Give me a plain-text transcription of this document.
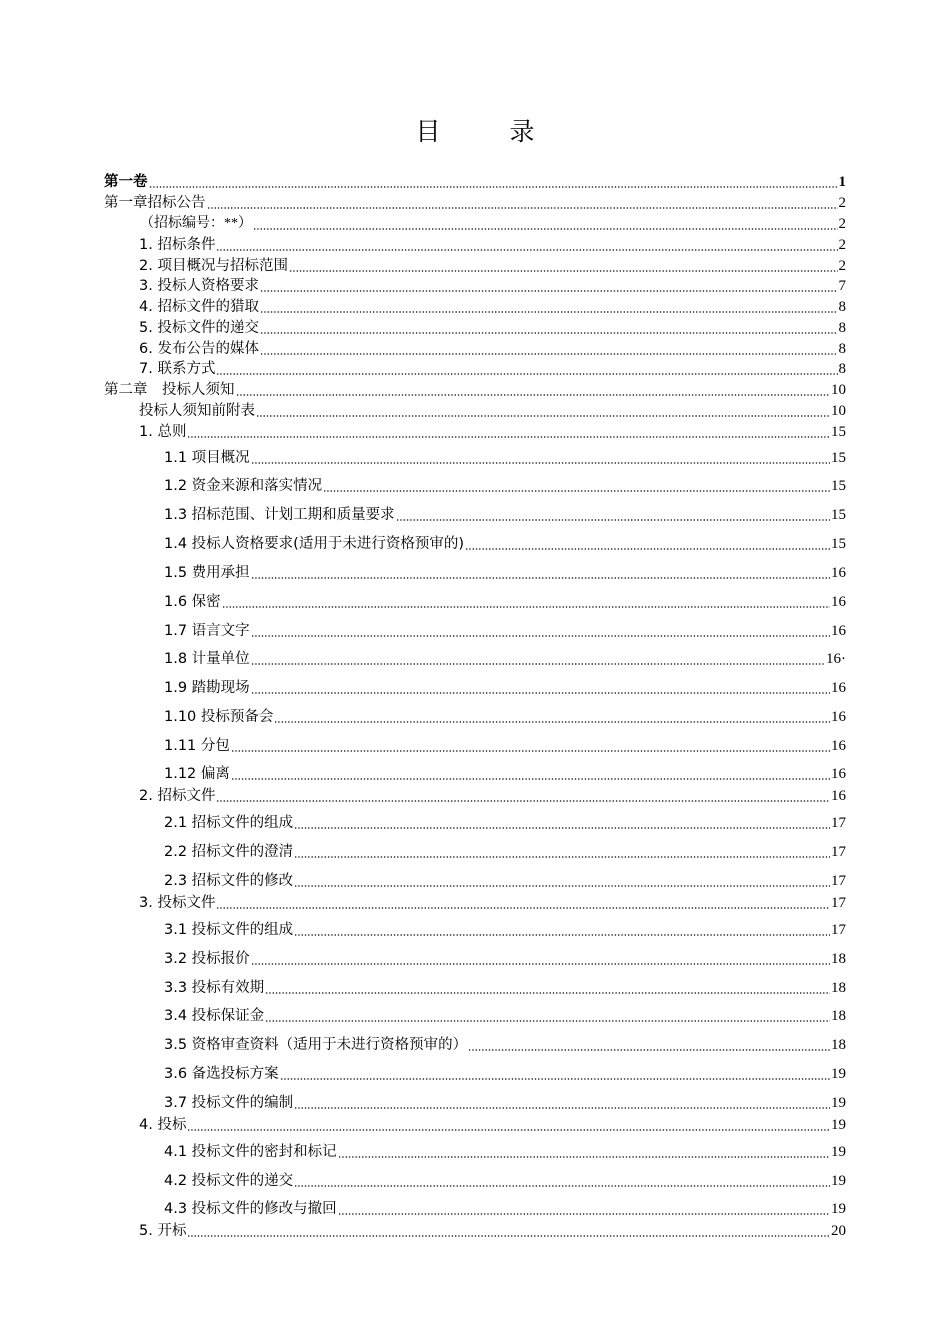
目　录
第一卷	1
第一章招标公告	2
（招标编号：**）	2
1. 招标条件	2
2. 项目概况与招标范围	2
3. 投标人资格要求	7
4. 招标文件的猎取	8
5. 投标文件的递交	8
6. 发布公告的媒体	8
7. 联系方式	8
第二章　投标人须知	10
投标人须知前附表	10
1. 总则	15
1.1 项目概况	15
1.2 资金来源和落实情况	15
1.3 招标范围、计划工期和质量要求	15
1.4 投标人资格要求(适用于未进行资格预审的)	15
1.5 费用承担	16
1.6 保密	16
1.7 语言文字	16
1.8 计量单位	16·
1.9 踏勘现场	16
1.10 投标预备会	16
1.11 分包	16
1.12 偏离	16
2. 招标文件	16
2.1 招标文件的组成	17
2.2 招标文件的澄清	17
2.3 招标文件的修改	17
3. 投标文件	17
3.1 投标文件的组成	17
3.2 投标报价	18
3.3 投标有效期	18
3.4 投标保证金	18
3.5 资格审查资料（适用于未进行资格预审的）	18
3.6 备选投标方案	19
3.7 投标文件的编制	19
4. 投标	19
4.1 投标文件的密封和标记	19
4.2 投标文件的递交	19
4.3 投标文件的修改与撤回	19
5. 开标	20
